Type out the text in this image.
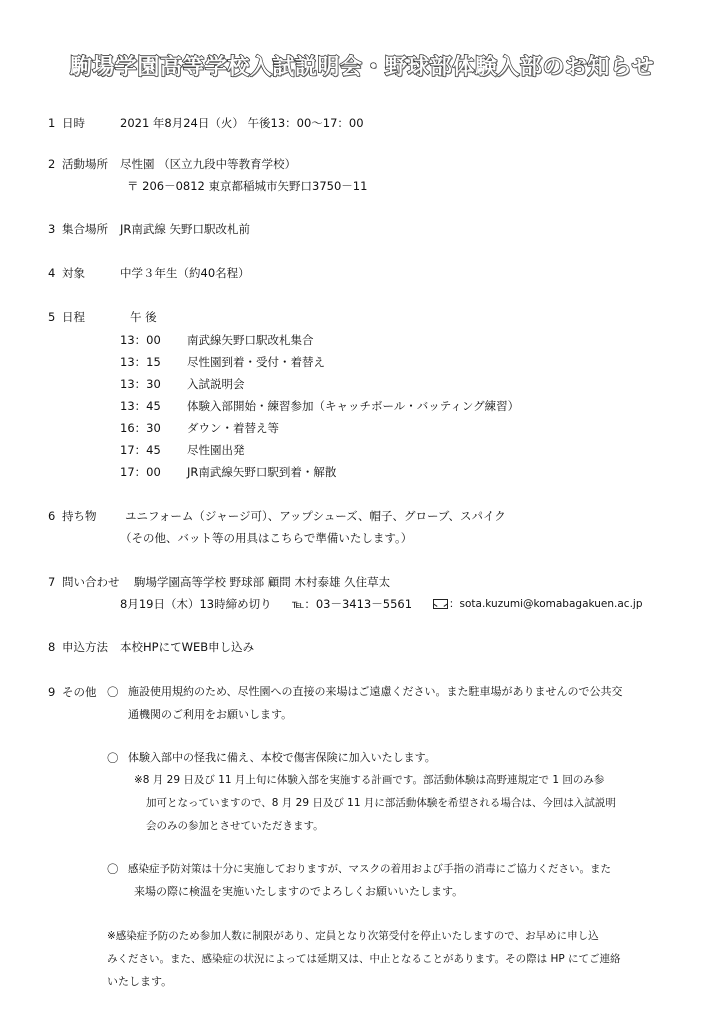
駒場学園高等学校入試説明会・野球部体験入部のお知らせ
1 日時	2021 年8月24日（火） 午後13：00～17：00
2 活動場所 尽性園 （区立九段中等教育学校）
〒 206－0812 東京都稲城市矢野口3750－11
3 集合場所 JR南武線 矢野口駅改札前
4 対象	中学３年生（約40名程）
5 日程	午 後
13：00 南武線矢野口駅改札集合
13：15 尽性園到着・受付・着替え
13：30 入試説明会
13：45 体験入部開始・練習参加（キャッチボール・バッティング練習）
16：30 ダウン・着替え等
17：45 尽性園出発
17：00 JR南武線矢野口駅到着・解散
6 持ち物 ユニフォーム（ジャージ可）、アップシューズ、帽子、グローブ、スパイク
（その他、バット等の用具はこちらで準備いたします。）
7 問い合わせ 駒場学園高等学校 野球部 顧問 木村泰雄 久住草太
8月19日（木）13時締め切り ℡：03－3413－5561	：sota.kuzumi@komabagakuen.ac.jp
8 申込方法 本校HPにてWEB申し込み
9 その他 〇 施設使用規約のため、尽性園への直接の来場はご遠慮ください。また駐車場がありませんので公共交
通機関のご利用をお願いします。
〇 体験入部中の怪我に備え、本校で傷害保険に加入いたします。
※8 月 29 日及び 11 月上旬に体験入部を実施する計画です。部活動体験は高野連規定で 1 回のみ参
加可となっていますので、8 月 29 日及び 11 月に部活動体験を希望される場合は、今回は入試説明
会のみの参加とさせていただきます。
〇 感染症予防対策は十分に実施しておりますが、マスクの着用および手指の消毒にご協力ください。また
来場の際に検温を実施いたしますのでよろしくお願いいたします。
※感染症予防のため参加人数に制限があり、定員となり次第受付を停止いたしますので、お早めに申し込
みください。また、感染症の状況によっては延期又は、中止となることがあります。その際は HP にてご連絡
いたします。
